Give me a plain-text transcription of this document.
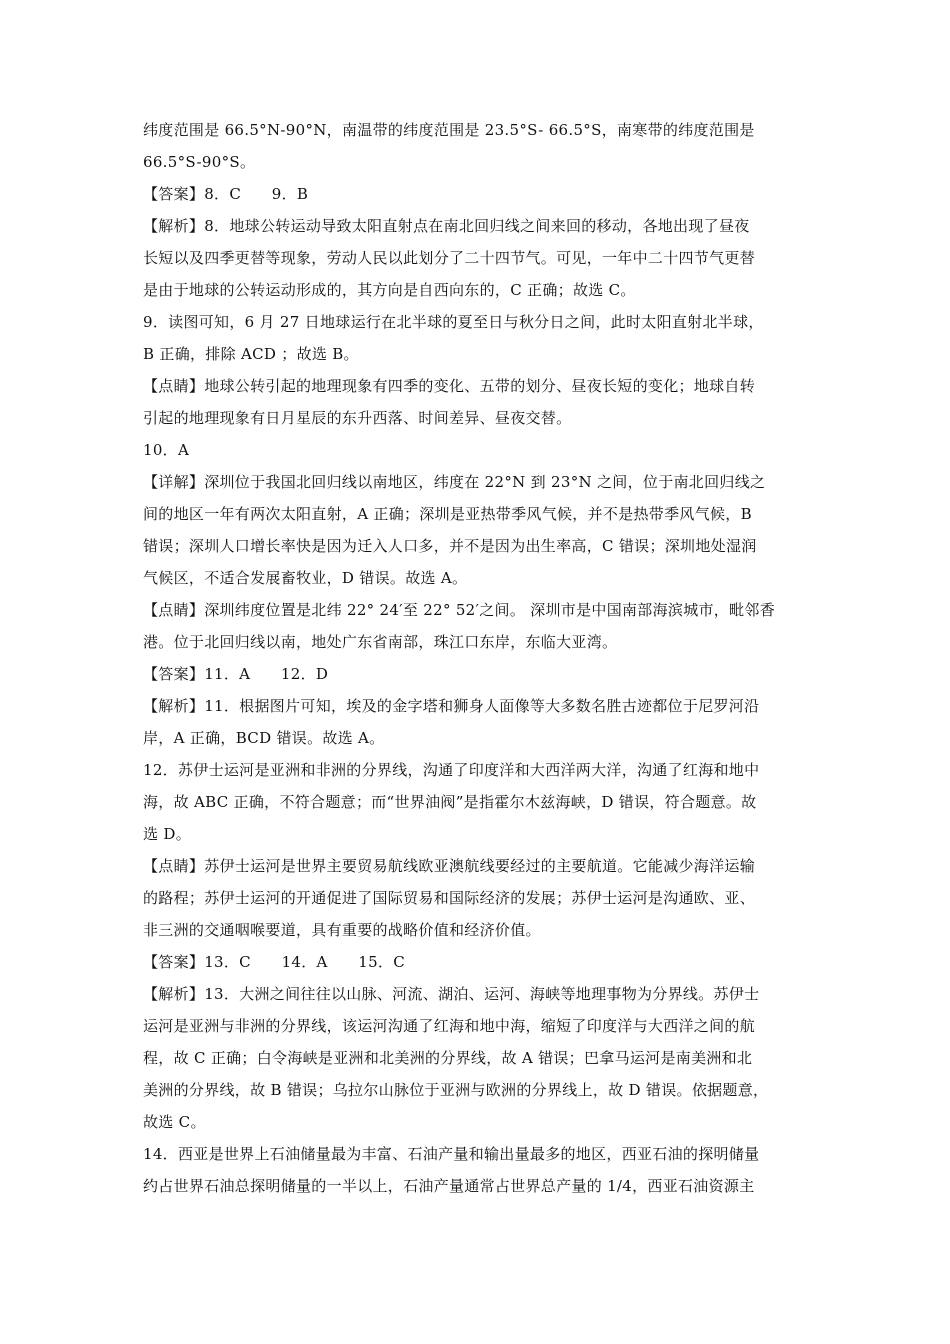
纬度范围是 66.5°N-90°N，南温带的纬度范围是 23.5°S- 66.5°S，南寒带的纬度范围是
66.5°S-90°S。
【答案】8．C　　9．B
【解析】8．地球公转运动导致太阳直射点在南北回归线之间来回的移动，各地出现了昼夜
长短以及四季更替等现象，劳动人民以此划分了二十四节气。可见，一年中二十四节气更替
是由于地球的公转运动形成的，其方向是自西向东的，C 正确；故选 C。
9．读图可知，6 月 27 日地球运行在北半球的夏至日与秋分日之间，此时太阳直射北半球，
B 正确，排除 ACD ；故选 B。
【点睛】地球公转引起的地理现象有四季的变化、五带的划分、昼夜长短的变化；地球自转
引起的地理现象有日月星辰的东升西落、时间差异、昼夜交替。
10．A
【详解】深圳位于我国北回归线以南地区，纬度在 22°N 到 23°N 之间，位于南北回归线之
间的地区一年有两次太阳直射，A 正确；深圳是亚热带季风气候，并不是热带季风气候，B
错误；深圳人口增长率快是因为迁入人口多，并不是因为出生率高，C 错误；深圳地处湿润
气候区，不适合发展畜牧业，D 错误。故选 A。
【点睛】深圳纬度位置是北纬 22° 24′至 22° 52′之间。 深圳市是中国南部海滨城市，毗邻香
港。位于北回归线以南，地处广东省南部，珠江口东岸，东临大亚湾。
【答案】11．A　　12．D
【解析】11．根据图片可知，埃及的金字塔和狮身人面像等大多数名胜古迹都位于尼罗河沿
岸，A 正确，BCD 错误。故选 A。
12．苏伊士运河是亚洲和非洲的分界线，沟通了印度洋和大西洋两大洋，沟通了红海和地中
海，故 ABC 正确，不符合题意；而“世界油阀”是指霍尔木兹海峡，D 错误，符合题意。故
选 D。
【点睛】苏伊士运河是世界主要贸易航线欧亚澳航线要经过的主要航道。它能减少海洋运输
的路程；苏伊士运河的开通促进了国际贸易和国际经济的发展；苏伊士运河是沟通欧、亚、
非三洲的交通咽喉要道，具有重要的战略价值和经济价值。
【答案】13．C　　14．A　　15．C
【解析】13．大洲之间往往以山脉、河流、湖泊、运河、海峡等地理事物为分界线。苏伊士
运河是亚洲与非洲的分界线，该运河沟通了红海和地中海，缩短了印度洋与大西洋之间的航
程，故 C 正确；白令海峡是亚洲和北美洲的分界线，故 A 错误；巴拿马运河是南美洲和北
美洲的分界线，故 B 错误；乌拉尔山脉位于亚洲与欧洲的分界线上，故 D 错误。依据题意，
故选 C。
14．西亚是世界上石油储量最为丰富、石油产量和输出量最多的地区，西亚石油的探明储量
约占世界石油总探明储量的一半以上，石油产量通常占世界总产量的 1/4，西亚石油资源主
